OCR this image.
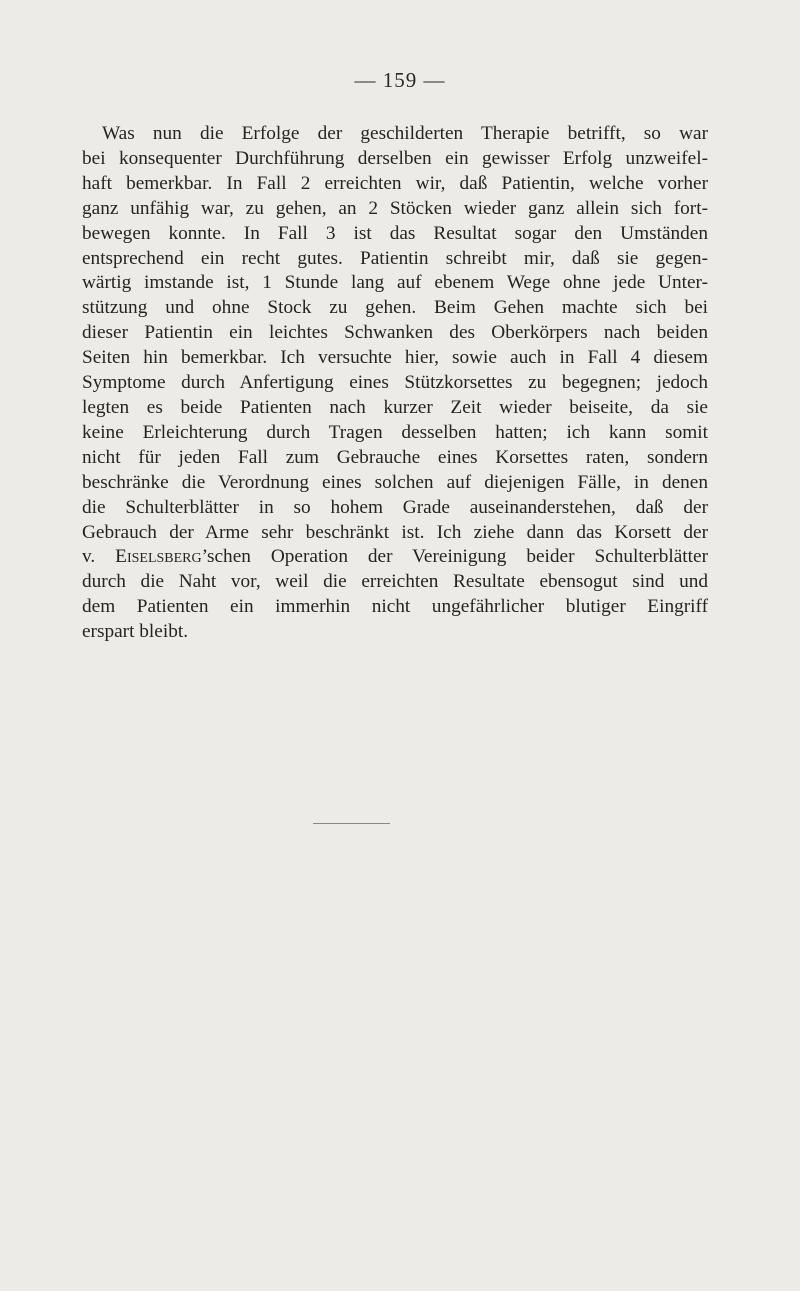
— 159 —

Was nun die Erfolge der geschilderten Therapie betrifft, so war
bei konsequenter Durchführung derselben ein gewisser Erfolg unzweifel-
haft bemerkbar. In Fall 2 erreichten wir, daß Patientin, welche vorher
ganz unfähig war, zu gehen, an 2 Stöcken wieder ganz allein sich fort-
bewegen konnte. In Fall 3 ist das Resultat sogar den Umständen
entsprechend ein recht gutes. Patientin schreibt mir, daß sie gegen-
wärtig imstande ist, 1 Stunde lang auf ebenem Wege ohne jede Unter-
stützung und ohne Stock zu gehen. Beim Gehen machte sich bei
dieser Patientin ein leichtes Schwanken des Oberkörpers nach beiden
Seiten hin bemerkbar. Ich versuchte hier, sowie auch in Fall 4 diesem
Symptome durch Anfertigung eines Stützkorsettes zu begegnen; jedoch
legten es beide Patienten nach kurzer Zeit wieder beiseite, da sie
keine Erleichterung durch Tragen desselben hatten; ich kann somit
nicht für jeden Fall zum Gebrauche eines Korsettes raten, sondern
beschränke die Verordnung eines solchen auf diejenigen Fälle, in denen
die Schulterblätter in so hohem Grade auseinanderstehen, daß der
Gebrauch der Arme sehr beschränkt ist. Ich ziehe dann das Korsett der
v. Eiselsberg’schen Operation der Vereinigung beider Schulterblätter
durch die Naht vor, weil die erreichten Resultate ebensogut sind und
dem Patienten ein immerhin nicht ungefährlicher blutiger Eingriff
erspart bleibt.
